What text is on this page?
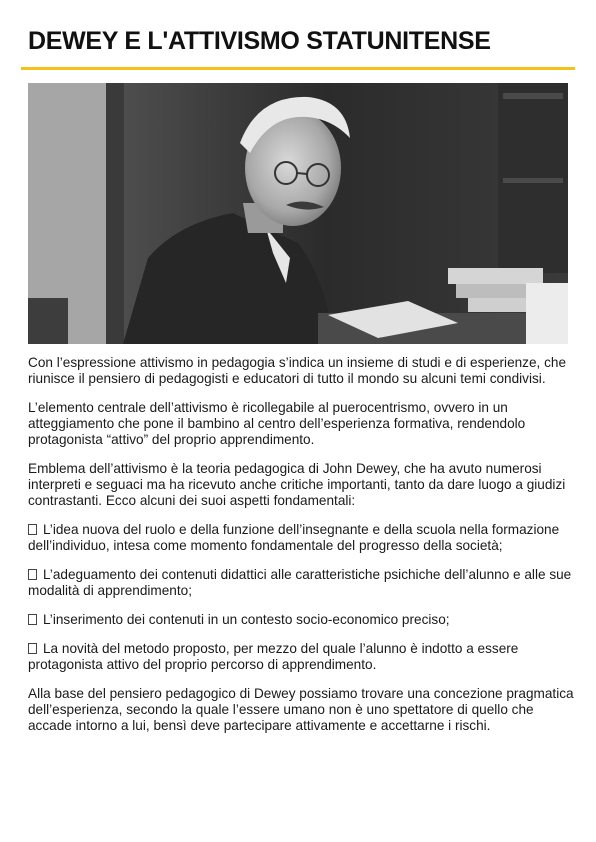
DEWEY E L'ATTIVISMO STATUNITENSE

Con l’espressione attivismo in pedagogia s’indica un insieme di studi e di esperienze, che riunisce il pensiero di pedagogisti e educatori di tutto il mondo su alcuni temi condivisi.

L’elemento centrale dell’attivismo è ricollegabile al puerocentrismo, ovvero in un atteggiamento che pone il bambino al centro dell’esperienza formativa, rendendolo protagonista “attivo” del proprio apprendimento.

Emblema dell’attivismo è la teoria pedagogica di John Dewey, che ha avuto numerosi interpreti e seguaci ma ha ricevuto anche critiche importanti, tanto da dare luogo a giudizi contrastanti. Ecco alcuni dei suoi aspetti fondamentali:

L’idea nuova del ruolo e della funzione dell’insegnante e della scuola nella formazione dell’individuo, intesa come momento fondamentale del progresso della società;

L’adeguamento dei contenuti didattici alle caratteristiche psichiche dell’alunno e alle sue modalità di apprendimento;

L’inserimento dei contenuti in un contesto socio-economico preciso;

La novità del metodo proposto, per mezzo del quale l’alunno è indotto a essere protagonista attivo del proprio percorso di apprendimento.

Alla base del pensiero pedagogico di Dewey possiamo trovare una concezione pragmatica dell’esperienza, secondo la quale l’essere umano non è uno spettatore di quello che accade intorno a lui, bensì deve partecipare attivamente e accettarne i rischi.
